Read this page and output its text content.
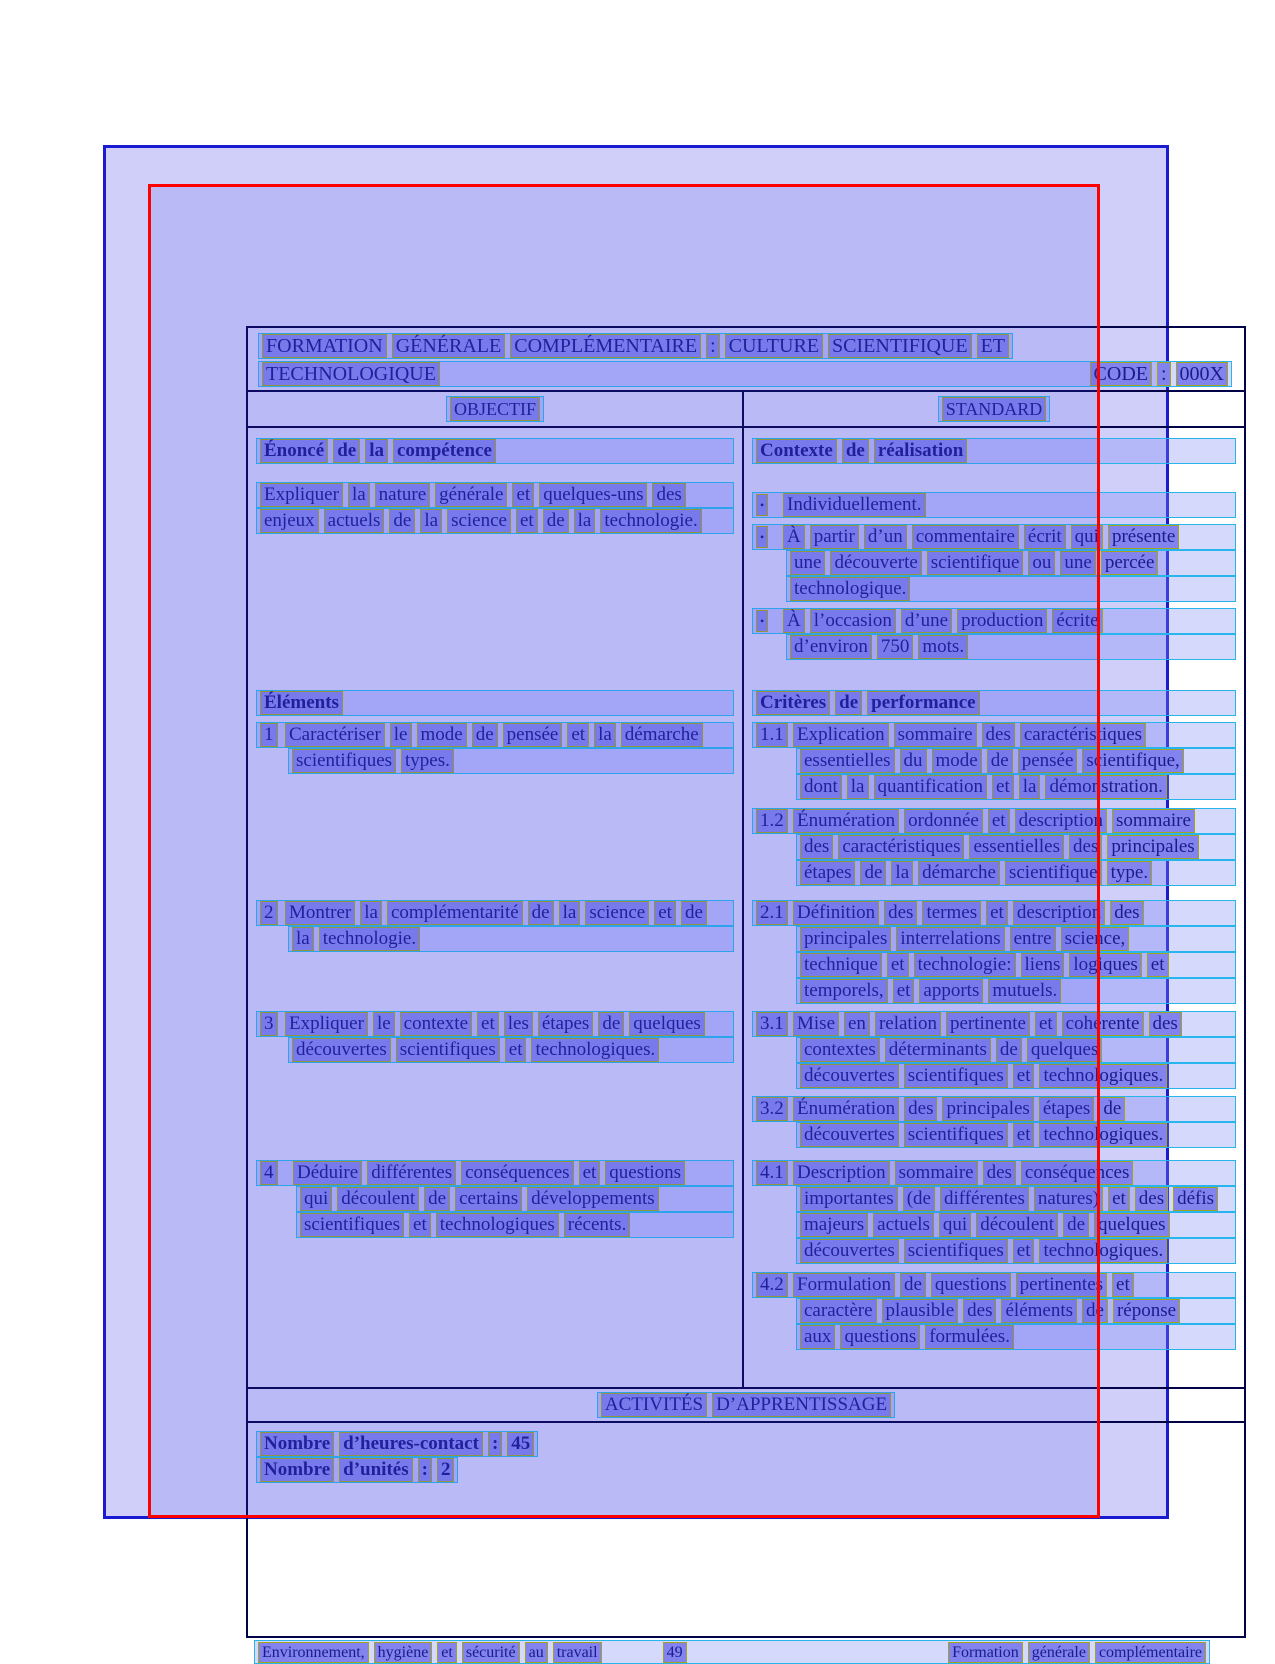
FORMATION GÉNÉRALE COMPLÉMENTAIRE : CULTURE SCIENTIFIQUE ET
TECHNOLOGIQUE	CODE : 000X
OBJECTIF	STANDARD
Énoncé de la compétence
Expliquer la nature générale et quelques-uns des
enjeux actuels de la science et de la technologie.
Éléments
1 Caractériser le mode de pensée et la démarche
scientifiques types.
2 Montrer la complémentarité de la science et de
la technologie.
3 Expliquer le contexte et les étapes de quelques
découvertes scientifiques et technologiques.
4 Déduire différentes conséquences et questions
qui découlent de certains développements
scientifiques et technologiques récents.
Contexte de réalisation
• Individuellement.
• À partir d’un commentaire écrit qui présente
une découverte scientifique ou une percée
technologique.
• À l’occasion d’une production écrite
d’environ 750 mots.
Critères de performance
1.1 Explication sommaire des caractéristiques
essentielles du mode de pensée scientifique,
dont la quantification et la démonstration.
1.2 Énumération ordonnée et description sommaire
des caractéristiques essentielles des principales
étapes de la démarche scientifique type.
2.1 Définition des termes et description des
principales interrelations entre science,
technique et technologie: liens logiques et
temporels, et apports mutuels.
3.1 Mise en relation pertinente et cohérente des
contextes déterminants de quelques
découvertes scientifiques et technologiques.
3.2 Énumération des principales étapes de
découvertes scientifiques et technologiques.
4.1 Description sommaire des conséquences
importantes (de différentes natures) et des défis
majeurs actuels qui découlent de quelques
découvertes scientifiques et technologiques.
4.2 Formulation de questions pertinentes et
caractère plausible des éléments de réponse
aux questions formulées.
ACTIVITÉS D’APPRENTISSAGE
Nombre d’heures-contact : 45
Nombre d’unités : 2
Environnement, hygiène et sécurité au travail	49	Formation générale complémentaire
